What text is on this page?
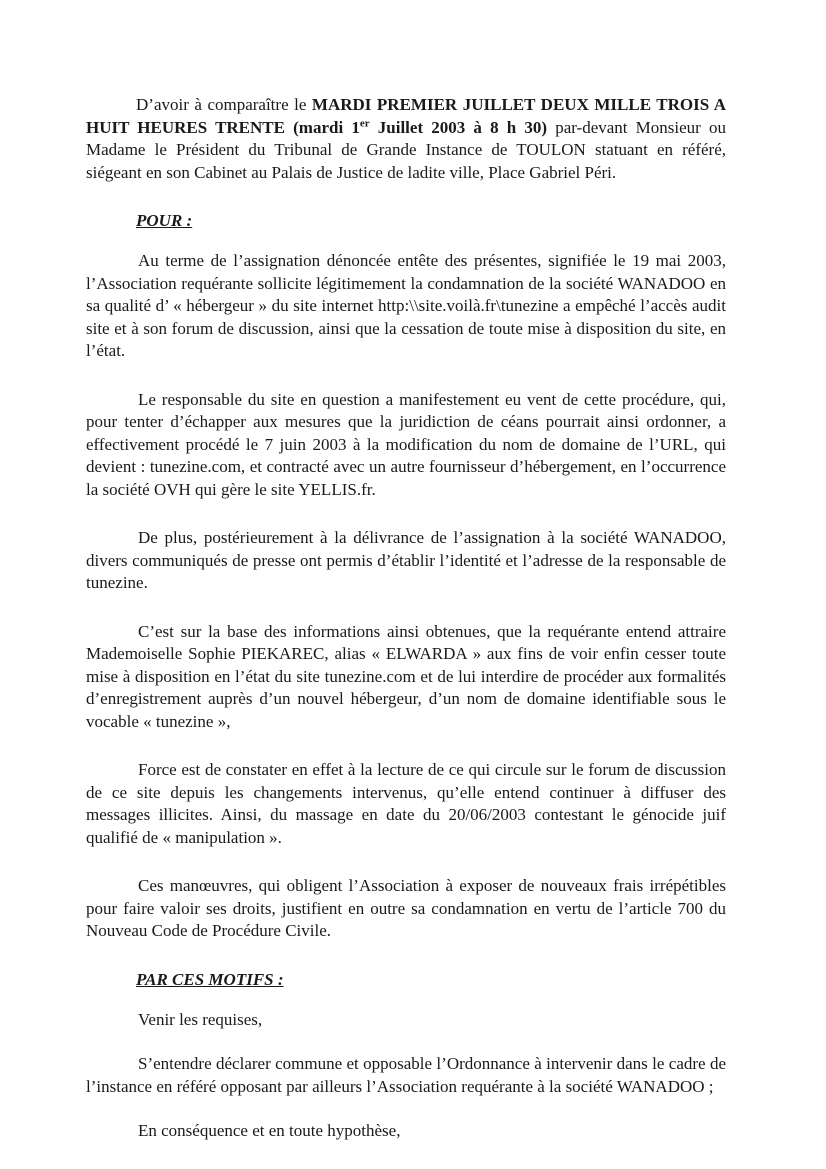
D’avoir à comparaître le MARDI PREMIER JUILLET DEUX MILLE TROIS A HUIT HEURES TRENTE (mardi 1er Juillet 2003 à 8 h 30) par-devant Monsieur ou Madame le Président du Tribunal de Grande Instance de TOULON statuant en référé, siégeant en son Cabinet au Palais de Justice de ladite ville, Place Gabriel Péri.

POUR :

Au terme de l’assignation dénoncée entête des présentes, signifiée le 19 mai 2003, l’Association requérante sollicite légitimement la condamnation de la société WANADOO en sa qualité d’ « hébergeur » du site internet http:\\site.voilà.fr\tunezine a empêché l’accès audit site et à son forum de discussion, ainsi que la cessation de toute mise à disposition du site, en l’état.

Le responsable du site en question a manifestement eu vent de cette procédure, qui, pour tenter d’échapper aux mesures que la juridiction de céans pourrait ainsi ordonner, a effectivement procédé le 7 juin 2003 à la modification du nom de domaine de l’URL, qui devient : tunezine.com, et contracté avec un autre fournisseur d’hébergement, en l’occurrence la société OVH qui gère le site YELLIS.fr.

De plus, postérieurement à la délivrance de l’assignation à la société WANADOO, divers communiqués de presse ont permis d’établir l’identité et l’adresse de la responsable de tunezine.

C’est sur la base des informations ainsi obtenues, que la requérante entend attraire Mademoiselle Sophie PIEKAREC, alias « ELWARDA » aux fins de voir enfin cesser toute mise à disposition en l’état du site tunezine.com et de lui interdire de procéder aux formalités d’enregistrement auprès d’un nouvel hébergeur, d’un nom de domaine identifiable sous le vocable « tunezine »,

Force est de constater en effet à la lecture de ce qui circule sur le forum de discussion de ce site depuis les changements intervenus, qu’elle entend continuer à diffuser des messages illicites. Ainsi, du massage en date du 20/06/2003 contestant le génocide juif qualifié de « manipulation ».

Ces manœuvres, qui obligent l’Association à exposer de nouveaux frais irrépétibles pour faire valoir ses droits, justifient en outre sa condamnation en vertu de l’article 700 du Nouveau Code de Procédure Civile.

PAR CES MOTIFS :

Venir les requises,

S’entendre déclarer commune et opposable l’Ordonnance à intervenir dans le cadre de l’instance en référé opposant par ailleurs l’Association requérante à la société WANADOO ;

En conséquence et en toute hypothèse,
